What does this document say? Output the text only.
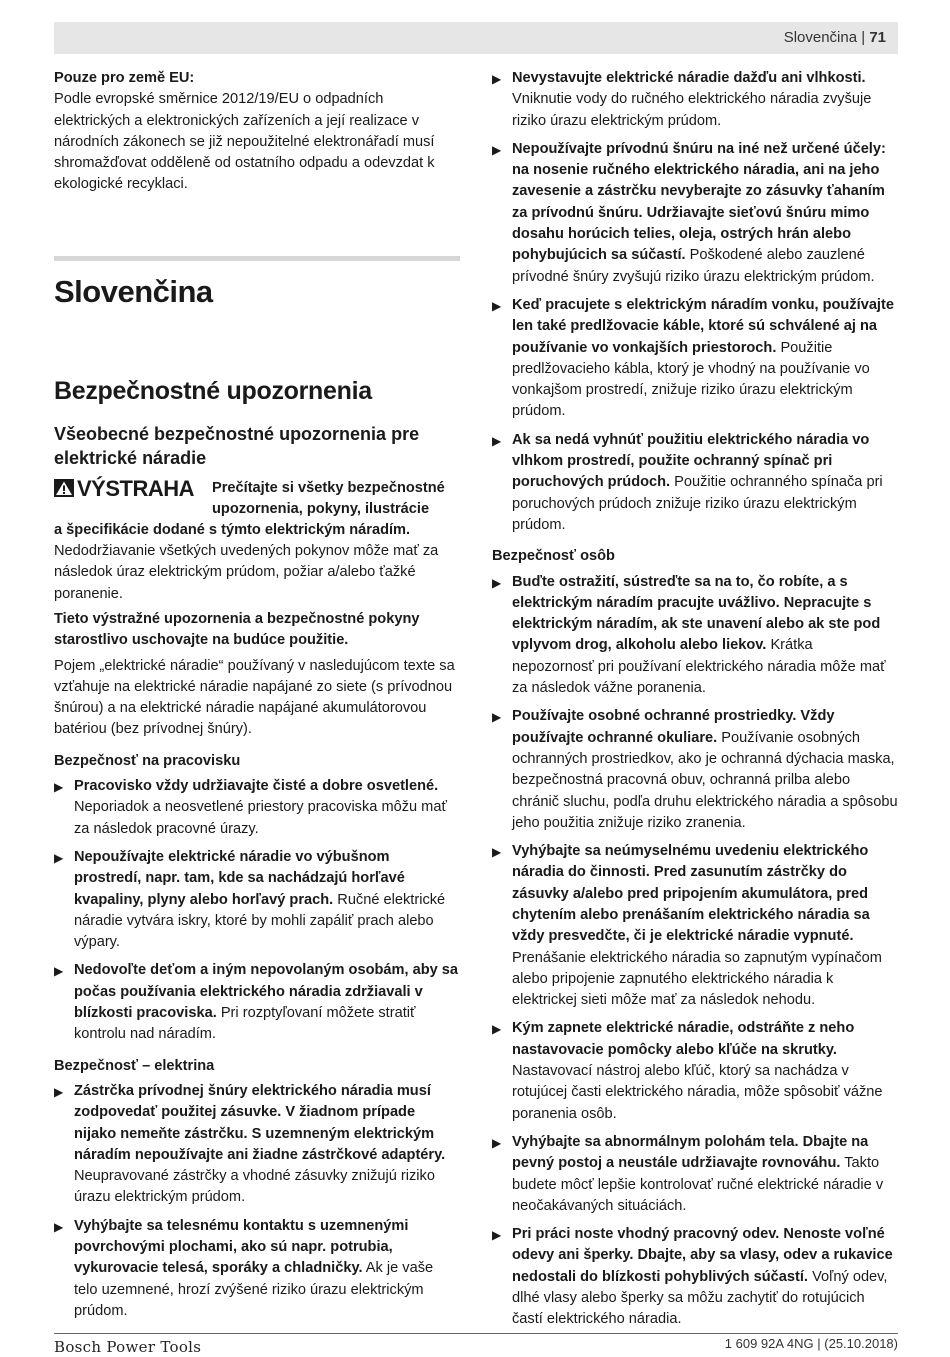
Slovenčina | 71
Pouze pro země EU:
Podle evropské směrnice 2012/19/EU o odpadních elektrických a elektronických zařízeních a její realizace v národních zákonech se již nepoužitelné elektronářadí musí shromažďovat odděleně od ostatního odpadu a odevzdat k ekologické recyklaci.
Slovenčina
Bezpečnostné upozornenia
Všeobecné bezpečnostné upozornenia pre elektrické náradie
VÝSTRAHA Prečítajte si všetky bezpečnostné upozornenia, pokyny, ilustrácie
a špecifikácie dodané s týmto elektrickým náradím.
Nedodržiavanie všetkých uvedených pokynov môže mať za následok úraz elektrickým prúdom, požiar a/alebo ťažké poranenie.
Tieto výstražné upozornenia a bezpečnostné pokyny starostlivo uschovajte na budúce použitie.
Pojem „elektrické náradie“ používaný v nasledujúcom texte sa vzťahuje na elektrické náradie napájané zo siete (s prívodnou šnúrou) a na elektrické náradie napájané akumulátorovou batériou (bez prívodnej šnúry).
Bezpečnosť na pracovisku
▶ Pracovisko vždy udržiavajte čisté a dobre osvetlené. Neporiadok a neosvetlené priestory pracoviska môžu mať za následok pracovné úrazy.
▶ Nepoužívajte elektrické náradie vo výbušnom prostredí, napr. tam, kde sa nachádzajú horľavé kvapaliny, plyny alebo horľavý prach. Ručné elektrické náradie vytvára iskry, ktoré by mohli zapáliť prach alebo výpary.
▶ Nedovoľte deťom a iným nepovolaným osobám, aby sa počas používania elektrického náradia zdržiavali v blízkosti pracoviska. Pri rozptyľovaní môžete stratiť kontrolu nad náradím.
Bezpečnosť – elektrina
▶ Zástrčka prívodnej šnúry elektrického náradia musí zodpovedať použitej zásuvke. V žiadnom prípade nijako nemeňte zástrčku. S uzemneným elektrickým náradím nepoužívajte ani žiadne zástrčkové adaptéry. Neupravované zástrčky a vhodné zásuvky znižujú riziko úrazu elektrickým prúdom.
▶ Vyhýbajte sa telesnému kontaktu s uzemnenými povrchovými plochami, ako sú napr. potrubia, vykurovacie telesá, sporáky a chladničky. Ak je vaše telo uzemnené, hrozí zvýšené riziko úrazu elektrickým prúdom.
▶ Nevystavujte elektrické náradie dažďu ani vlhkosti. Vniknutie vody do ručného elektrického náradia zvyšuje riziko úrazu elektrickým prúdom.
▶ Nepoužívajte prívodnú šnúru na iné než určené účely: na nosenie ručného elektrického náradia, ani na jeho zavesenie a zástrčku nevyberajte zo zásuvky ťahaním za prívodnú šnúru. Udržiavajte sieťovú šnúru mimo dosahu horúcich telies, oleja, ostrých hrán alebo pohybujúcich sa súčastí. Poškodené alebo zauzlené prívodné šnúry zvyšujú riziko úrazu elektrickým prúdom.
▶ Keď pracujete s elektrickým náradím vonku, používajte len také predlžovacie káble, ktoré sú schválené aj na používanie vo vonkajších priestoroch. Použitie predlžovacieho kábla, ktorý je vhodný na používanie vo vonkajšom prostredí, znižuje riziko úrazu elektrickým prúdom.
▶ Ak sa nedá vyhnúť použitiu elektrického náradia vo vlhkom prostredí, použite ochranný spínač pri poruchových prúdoch. Použitie ochranného spínača pri poruchových prúdoch znižuje riziko úrazu elektrickým prúdom.
Bezpečnosť osôb
▶ Buďte ostražití, sústreďte sa na to, čo robíte, a s elektrickým náradím pracujte uvážlivo. Nepracujte s elektrickým náradím, ak ste unavení alebo ak ste pod vplyvom drog, alkoholu alebo liekov. Krátka nepozornosť pri používaní elektrického náradia môže mať za následok vážne poranenia.
▶ Používajte osobné ochranné prostriedky. Vždy používajte ochranné okuliare. Používanie osobných ochranných prostriedkov, ako je ochranná dýchacia maska, bezpečnostná pracovná obuv, ochranná prilba alebo chránič sluchu, podľa druhu elektrického náradia a spôsobu jeho použitia znižuje riziko zranenia.
▶ Vyhýbajte sa neúmyselnému uvedeniu elektrického náradia do činnosti. Pred zasunutím zástrčky do zásuvky a/alebo pred pripojením akumulátora, pred chytením alebo prenášaním elektrického náradia sa vždy presvedčte, či je elektrické náradie vypnuté. Prenášanie elektrického náradia so zapnutým vypínačom alebo pripojenie zapnutého elektrického náradia k elektrickej sieti môže mať za následok nehodu.
▶ Kým zapnete elektrické náradie, odstráňte z neho nastavovacie pomôcky alebo kľúče na skrutky. Nastavovací nástroj alebo kľúč, ktorý sa nachádza v rotujúcej časti elektrického náradia, môže spôsobiť vážne poranenia osôb.
▶ Vyhýbajte sa abnormálnym polohám tela. Dbajte na pevný postoj a neustále udržiavajte rovnováhu. Takto budete môcť lepšie kontrolovať ručné elektrické náradie v neočakávaných situáciách.
▶ Pri práci noste vhodný pracovný odev. Nenoste voľné odevy ani šperky. Dbajte, aby sa vlasy, odev a rukavice nedostali do blízkosti pohyblivých súčastí. Voľný odev, dlhé vlasy alebo šperky sa môžu zachytiť do rotujúcich častí elektrického náradia.
Bosch Power Tools	1 609 92A 4NG | (25.10.2018)
